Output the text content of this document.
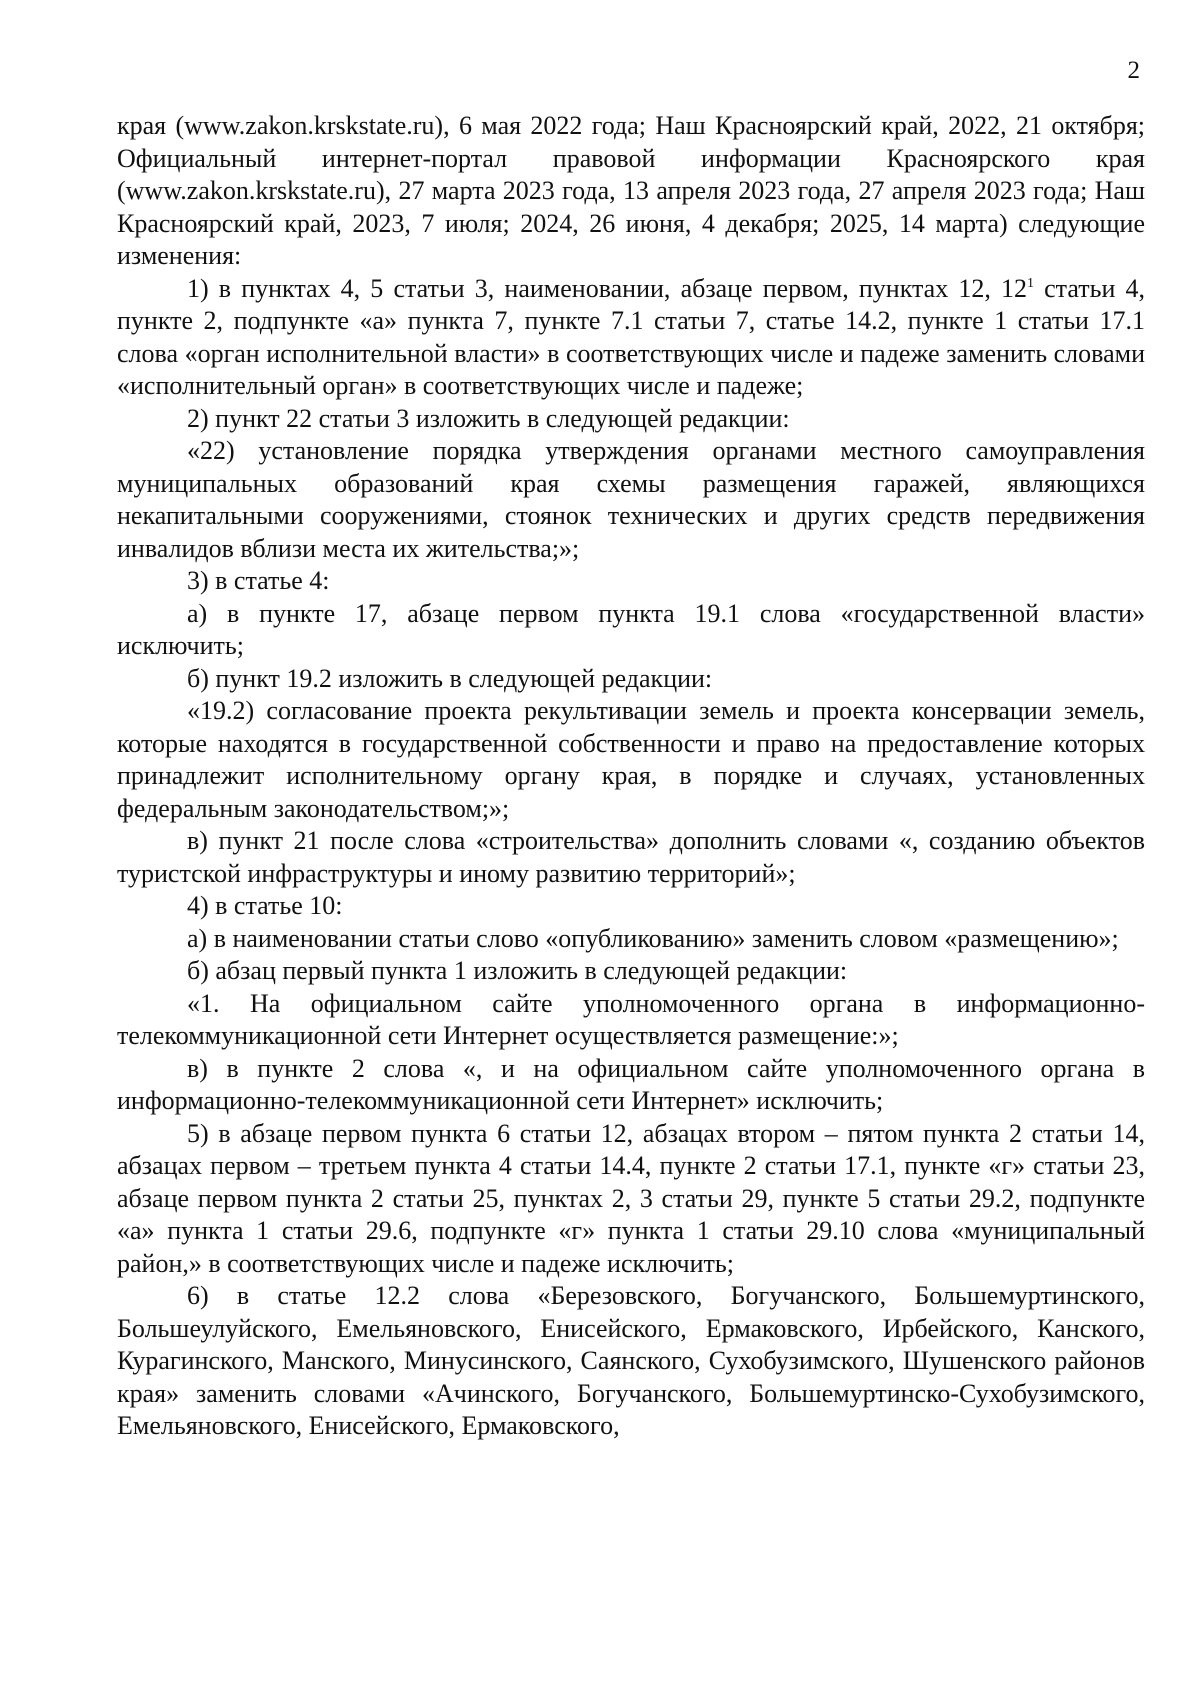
2

края (www.zakon.krskstate.ru), 6 мая 2022 года; Наш Красноярский край, 2022, 21 октября; Официальный интернет-портал правовой информации Красноярского края (www.zakon.krskstate.ru), 27 марта 2023 года, 13 апреля 2023 года, 27 апреля 2023 года; Наш Красноярский край, 2023, 7 июля; 2024, 26 июня, 4 декабря; 2025, 14 марта) следующие изменения:

1) в пунктах 4, 5 статьи 3, наименовании, абзаце первом, пунктах 12, $12^1$ статьи 4, пункте 2, подпункте «а» пункта 7, пункте 7.1 статьи 7, статье 14.2, пункте 1 статьи 17.1 слова «орган исполнительной власти» в соответствующих числе и падеже заменить словами «исполнительный орган» в соответствующих числе и падеже;

2) пункт 22 статьи 3 изложить в следующей редакции:

«22) установление порядка утверждения органами местного самоуправления муниципальных образований края схемы размещения гаражей, являющихся некапитальными сооружениями, стоянок технических и других средств передвижения инвалидов вблизи места их жительства;»;

3) в статье 4:

а) в пункте 17, абзаце первом пункта 19.1 слова «государственной власти» исключить;

б) пункт 19.2 изложить в следующей редакции:

«19.2) согласование проекта рекультивации земель и проекта консервации земель, которые находятся в государственной собственности и право на предоставление которых принадлежит исполнительному органу края, в порядке и случаях, установленных федеральным законодательством;»;

в) пункт 21 после слова «строительства» дополнить словами «, созданию объектов туристской инфраструктуры и иному развитию территорий»;

4) в статье 10:

а) в наименовании статьи слово «опубликованию» заменить словом «размещению»;

б) абзац первый пункта 1 изложить в следующей редакции:

«1. На официальном сайте уполномоченного органа в информационно-телекоммуникационной сети Интернет осуществляется размещение:»;

в) в пункте 2 слова «, и на официальном сайте уполномоченного органа в информационно-телекоммуникационной сети Интернет» исключить;

5) в абзаце первом пункта 6 статьи 12, абзацах втором – пятом пункта 2 статьи 14, абзацах первом – третьем пункта 4 статьи 14.4, пункте 2 статьи 17.1, пункте «г» статьи 23, абзаце первом пункта 2 статьи 25, пунктах 2, 3 статьи 29, пункте 5 статьи 29.2, подпункте «а» пункта 1 статьи 29.6, подпункте «г» пункта 1 статьи 29.10 слова «муниципальный район,» в соответствующих числе и падеже исключить;

6) в статье 12.2 слова «Березовского, Богучанского, Большемуртинского, Большеулуйского, Емельяновского, Енисейского, Ермаковского, Ирбейского, Канского, Курагинского, Манского, Минусинского, Саянского, Сухобузимского, Шушенского районов края» заменить словами «Ачинского, Богучанского, Большемуртинско-Сухобузимского, Емельяновского, Енисейского, Ермаковского,
